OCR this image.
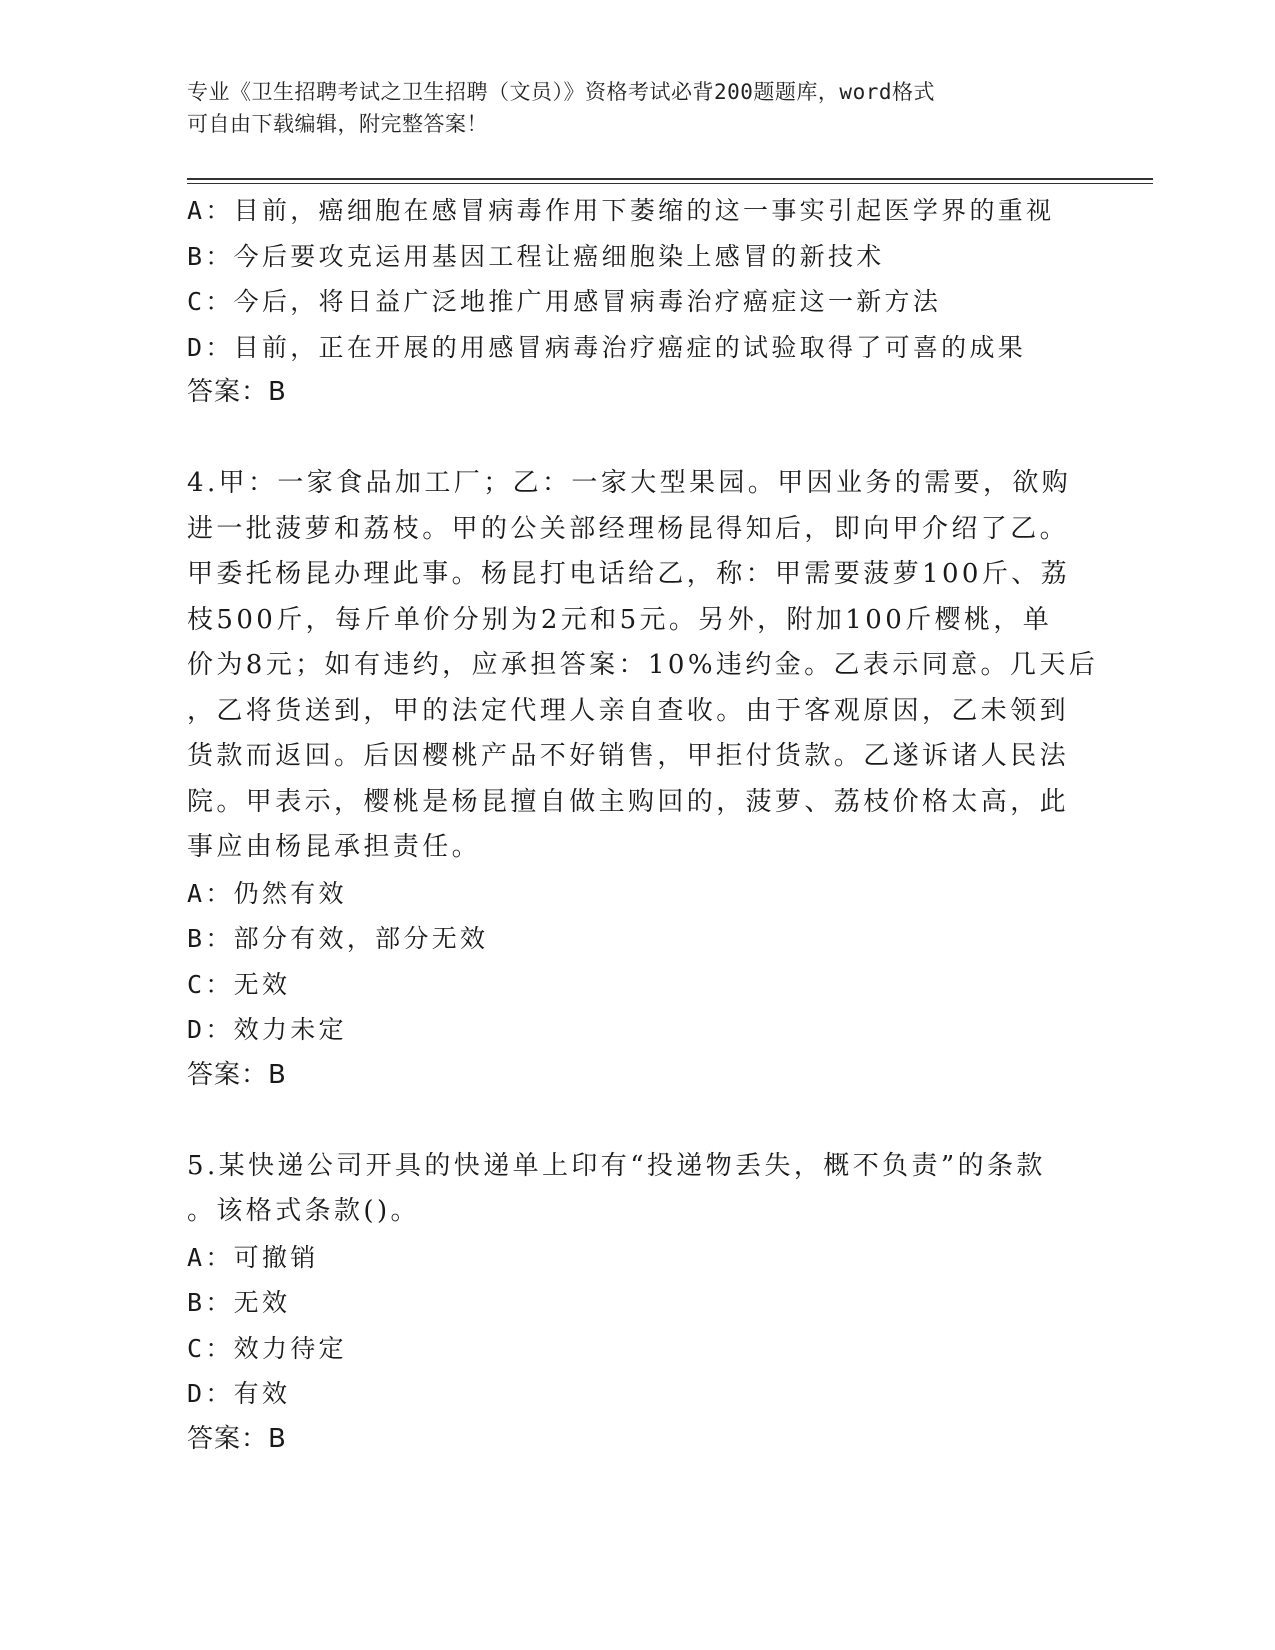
专业《卫生招聘考试之卫生招聘（文员）》资格考试必背200题题库，word格式
可自由下载编辑，附完整答案！
A：目前，癌细胞在感冒病毒作用下萎缩的这一事实引起医学界的重视
B：今后要攻克运用基因工程让癌细胞染上感冒的新技术
C：今后，将日益广泛地推广用感冒病毒治疗癌症这一新方法
D：目前，正在开展的用感冒病毒治疗癌症的试验取得了可喜的成果
答案：B
4.甲：一家食品加工厂；乙：一家大型果园。甲因业务的需要，欲购
进一批菠萝和荔枝。甲的公关部经理杨昆得知后，即向甲介绍了乙。
甲委托杨昆办理此事。杨昆打电话给乙，称：甲需要菠萝100斤、荔
枝500斤，每斤单价分别为2元和5元。另外，附加100斤樱桃，单
价为8元；如有违约，应承担答案：10%违约金。乙表示同意。几天后
，乙将货送到，甲的法定代理人亲自查收。由于客观原因，乙未领到
货款而返回。后因樱桃产品不好销售，甲拒付货款。乙遂诉诸人民法
院。甲表示，樱桃是杨昆擅自做主购回的，菠萝、荔枝价格太高，此
事应由杨昆承担责任。
A：仍然有效
B：部分有效，部分无效
C：无效
D：效力未定
答案：B
5.某快递公司开具的快递单上印有“投递物丢失，概不负责”的条款
。该格式条款()。
A：可撤销
B：无效
C：效力待定
D：有效
答案：B
